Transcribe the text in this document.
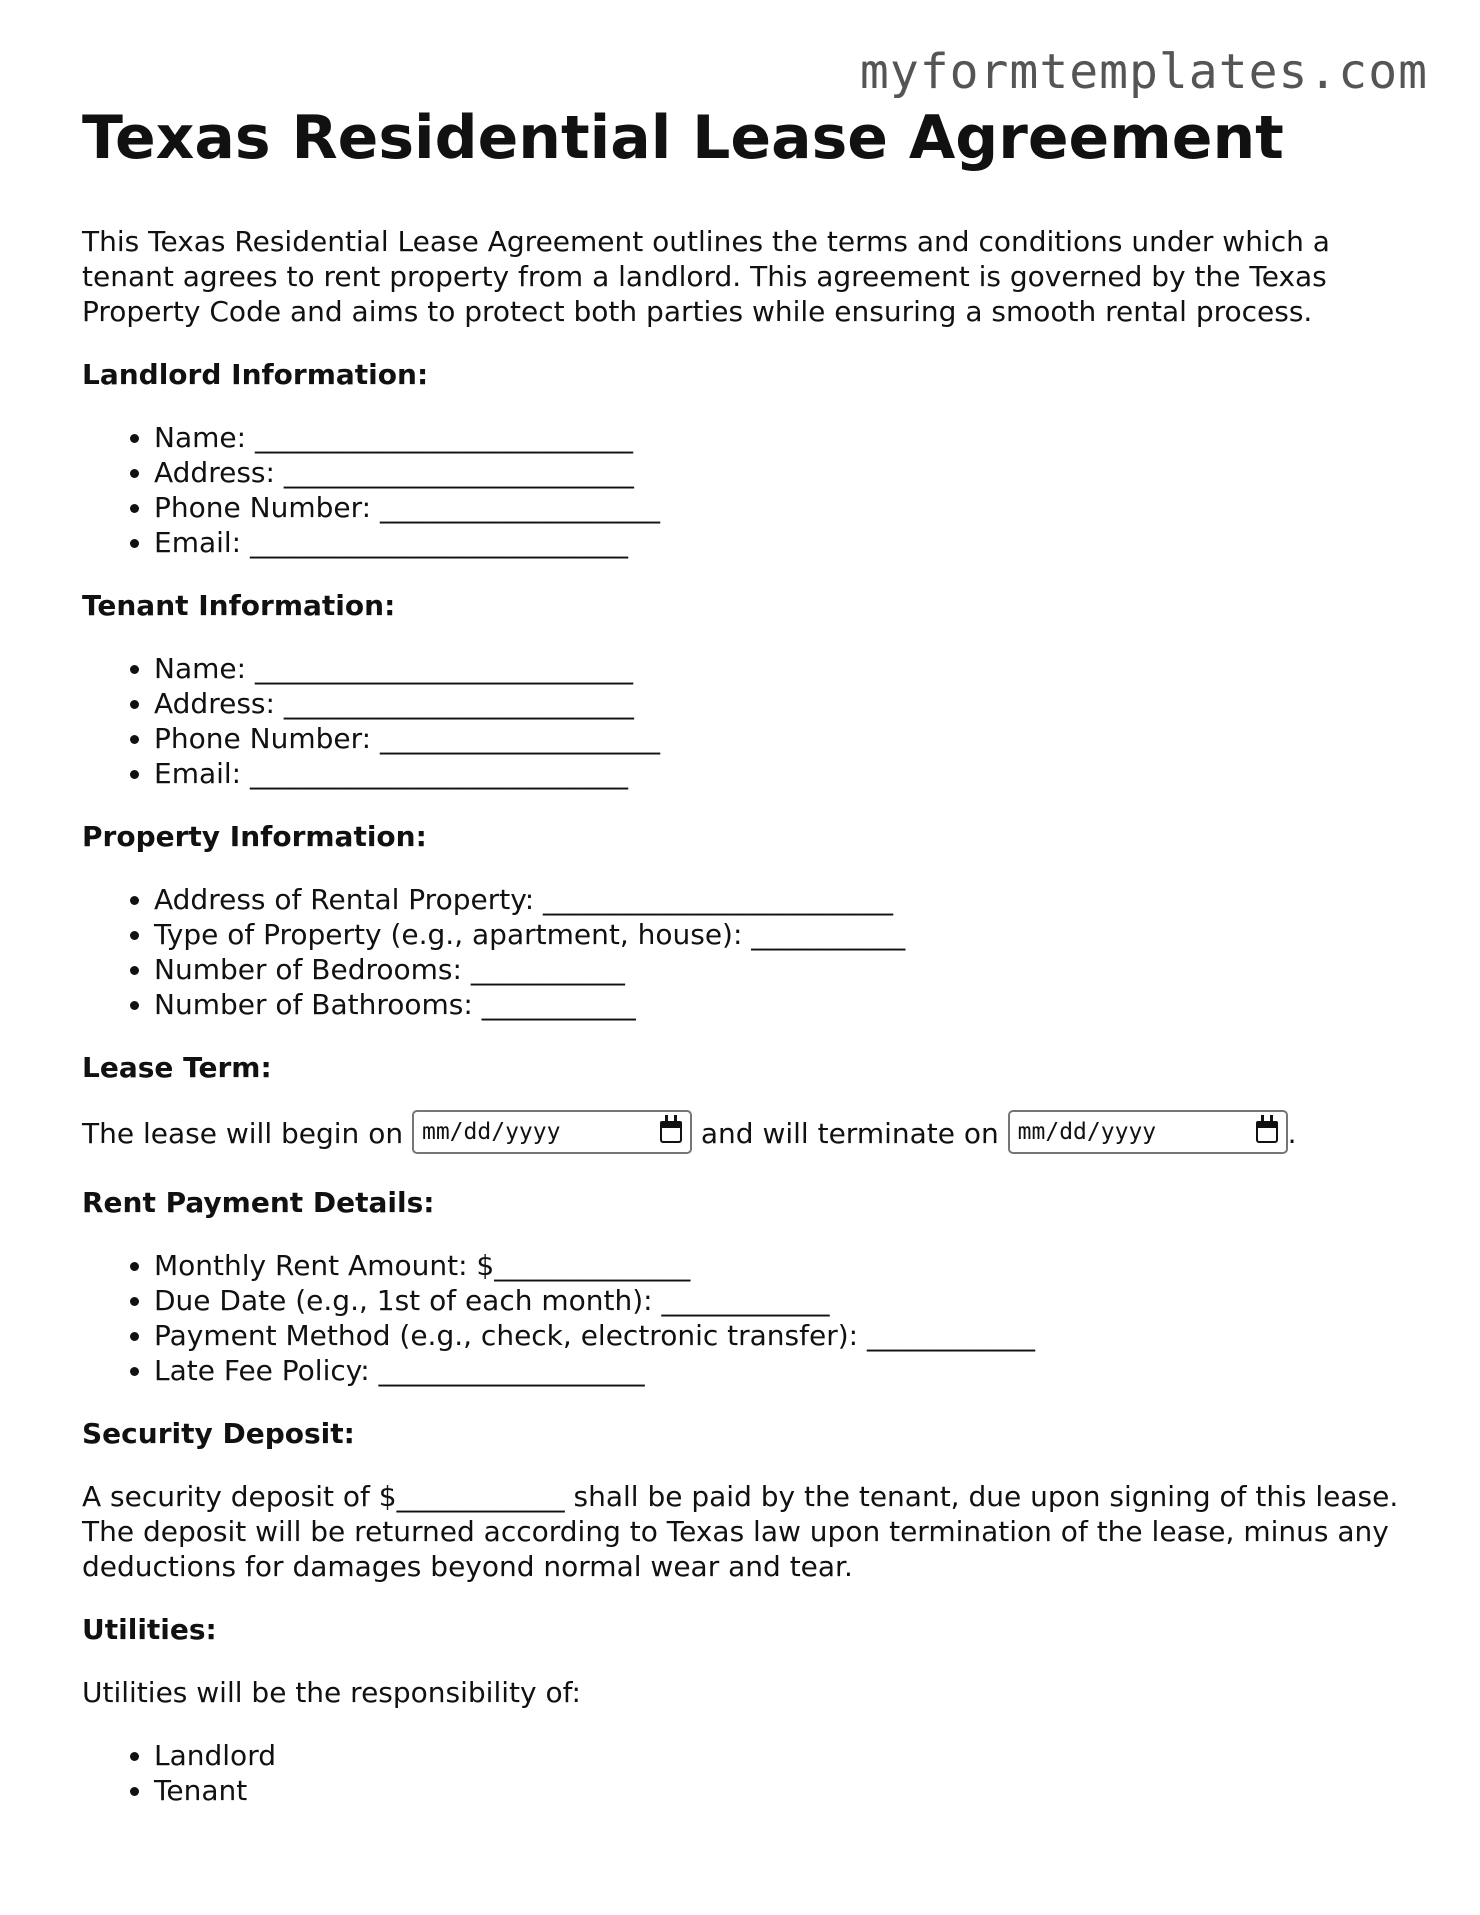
myformtemplates.com
Texas Residential Lease Agreement

This Texas Residential Lease Agreement outlines the terms and conditions under which a tenant agrees to rent property from a landlord. This agreement is governed by the Texas Property Code and aims to protect both parties while ensuring a smooth rental process.

Landlord Information:
• Name: ___________________________
• Address: _________________________
• Phone Number: ____________________
• Email: ___________________________
Tenant Information:
• Name: ___________________________
• Address: _________________________
• Phone Number: ____________________
• Email: ___________________________
Property Information:
• Address of Rental Property: _________________________
• Type of Property (e.g., apartment, house): ___________
• Number of Bedrooms: ___________
• Number of Bathrooms: ___________
Lease Term:

The lease will begin on mm/dd/yyyy	and will terminate on mm/dd/yyyy	.

Rent Payment Details:
• Monthly Rent Amount: $______________
• Due Date (e.g., 1st of each month): ____________
• Payment Method (e.g., check, electronic transfer): ____________
• Late Fee Policy: ___________________
Security Deposit:

A security deposit of $____________ shall be paid by the tenant, due upon signing of this lease. The deposit will be returned according to Texas law upon termination of the lease, minus any deductions for damages beyond normal wear and tear.

Utilities:

Utilities will be the responsibility of:

• Landlord
• Tenant
